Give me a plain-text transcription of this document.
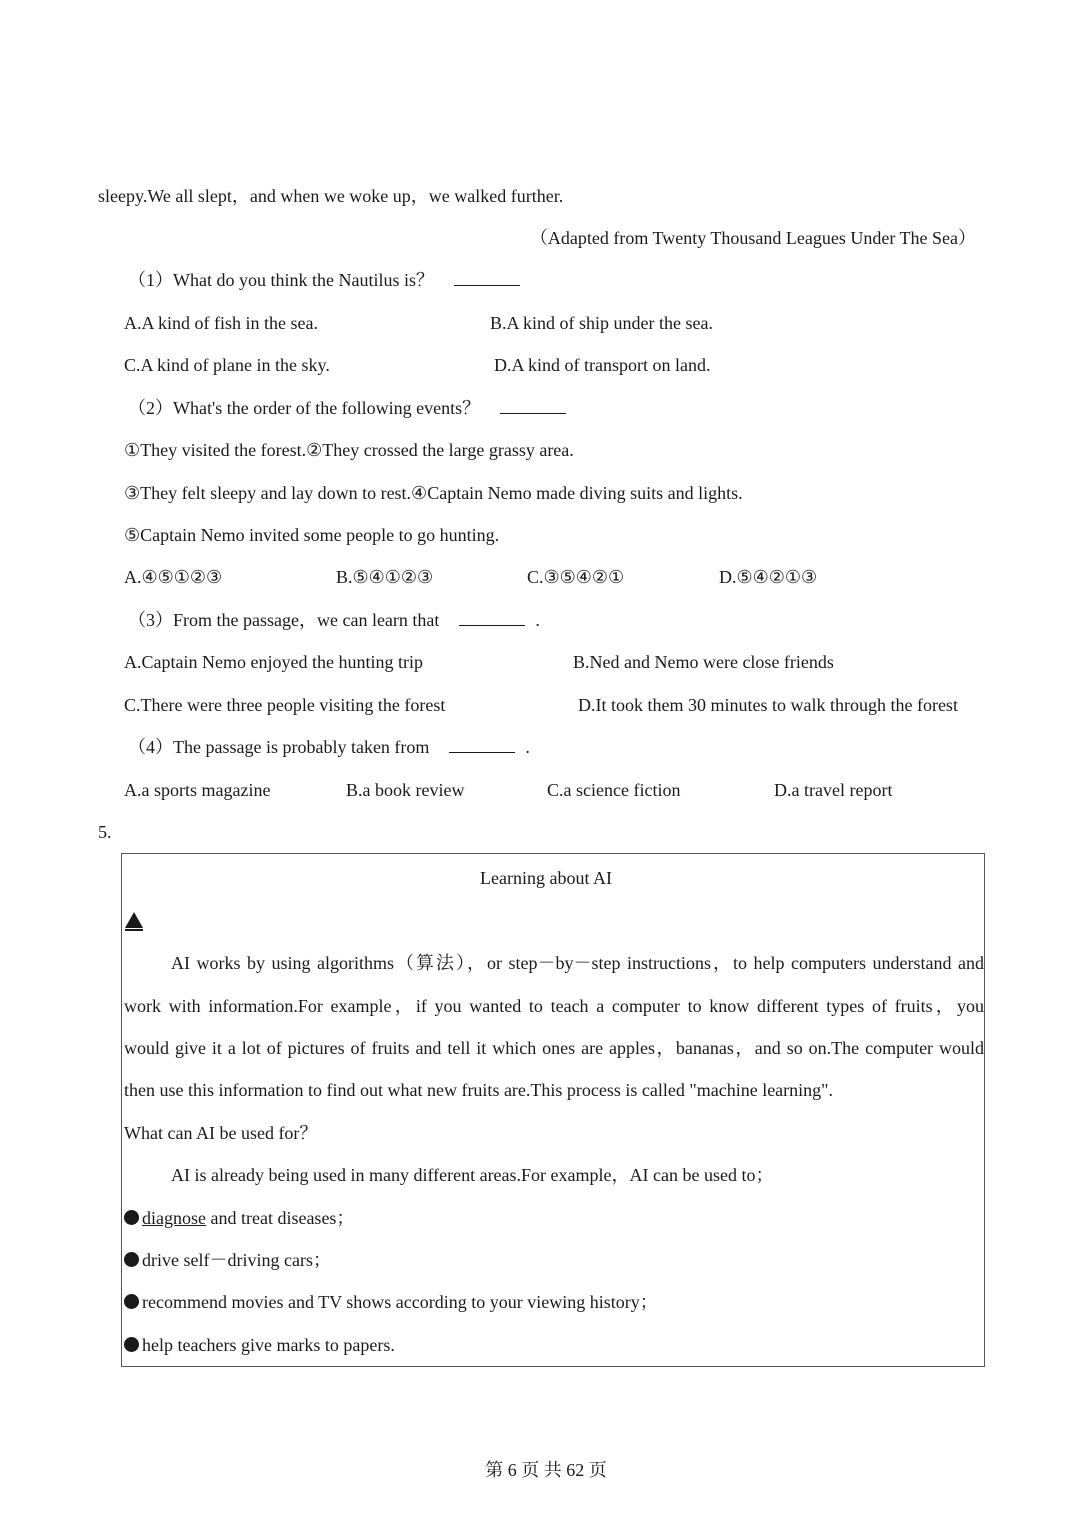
sleepy.We all slept，and when we woke up，we walked further.
（Adapted from Twenty Thousand Leagues Under The Sea）
（1）What do you think the Nautilus is？
A.A kind of fish in the sea.	B.A kind of ship under the sea.
C.A kind of plane in the sky.	D.A kind of transport on land.
（2）What's the order of the following events？
①They visited the forest.②They crossed the large grassy area.
③They felt sleepy and lay down to rest.④Captain Nemo made diving suits and lights.
⑤Captain Nemo invited some people to go hunting.
A.④⑤①②③	B.⑤④①②③	C.③⑤④②①	D.⑤④②①③
（3）From the passage，we can learn that	.
A.Captain Nemo enjoyed the hunting trip	B.Ned and Nemo were close friends
C.There were three people visiting the forest	D.It took them 30 minutes to walk through the forest
（4）The passage is probably taken from	.
A.a sports magazine	B.a book review	C.a science fiction	D.a travel report
5.
Learning about AI
AI works by using algorithms（算法），or step－by－step instructions，to help computers understand and
work with information.For example，if you wanted to teach a computer to know different types of fruits，you
would give it a lot of pictures of fruits and tell it which ones are apples，bananas，and so on.The computer would
then use this information to find out what new fruits are.This process is called "machine learning".
What can AI be used for？
AI is already being used in many different areas.For example，AI can be used to；
diagnose and treat diseases；
drive self－driving cars；
recommend movies and TV shows according to your viewing history；
help teachers give marks to papers.
第 6 页 共 62 页
